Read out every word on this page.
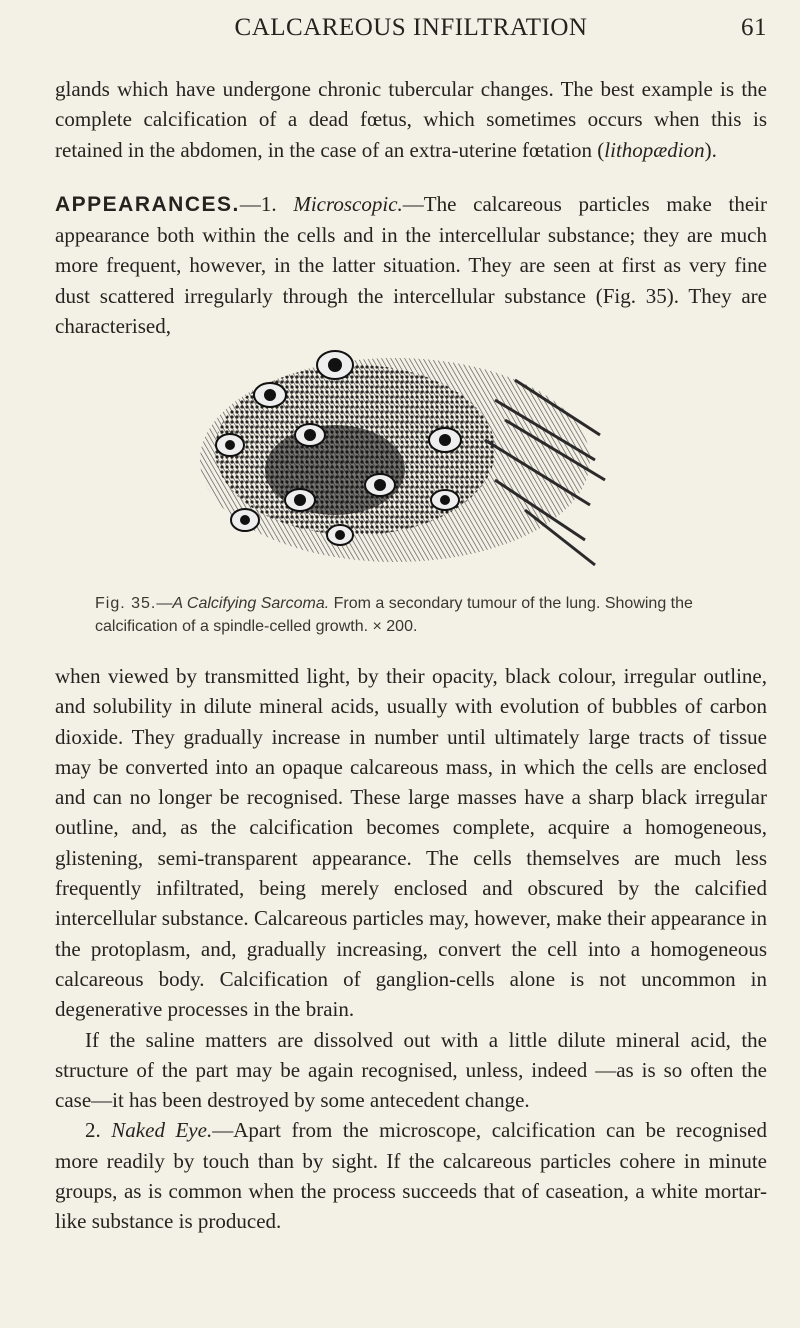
CALCAREOUS INFILTRATION	61

glands which have undergone chronic tubercular changes. The best example is the complete calcification of a dead fœtus, which sometimes occurs when this is retained in the abdomen, in the case of an extra-uterine fœtation (lithopædion).

APPEARANCES.—1. Microscopic.—The calcareous particles make their appearance both within the cells and in the intercellular substance; they are much more frequent, however, in the latter situation. They are seen at first as very fine dust scattered irregularly through the intercellular substance (Fig. 35). They are characterised,

Fig. 35.—A Calcifying Sarcoma. From a secondary tumour of the lung. Showing the calcification of a spindle-celled growth. × 200.

when viewed by transmitted light, by their opacity, black colour, irregular outline, and solubility in dilute mineral acids, usually with evolution of bubbles of carbon dioxide. They gradually increase in number until ultimately large tracts of tissue may be converted into an opaque calcareous mass, in which the cells are enclosed and can no longer be recognised. These large masses have a sharp black irregular outline, and, as the calcification becomes complete, acquire a homogeneous, glistening, semi-transparent appearance. The cells themselves are much less frequently infiltrated, being merely enclosed and obscured by the calcified intercellular substance. Calcareous particles may, however, make their appearance in the protoplasm, and, gradually increasing, convert the cell into a homogeneous calcareous body. Calcification of ganglion-cells alone is not uncommon in degenerative processes in the brain.

If the saline matters are dissolved out with a little dilute mineral acid, the structure of the part may be again recognised, unless, indeed —as is so often the case—it has been destroyed by some antecedent change.

2. Naked Eye.—Apart from the microscope, calcification can be recognised more readily by touch than by sight. If the calcareous particles cohere in minute groups, as is common when the process succeeds that of caseation, a white mortar-like substance is produced.
